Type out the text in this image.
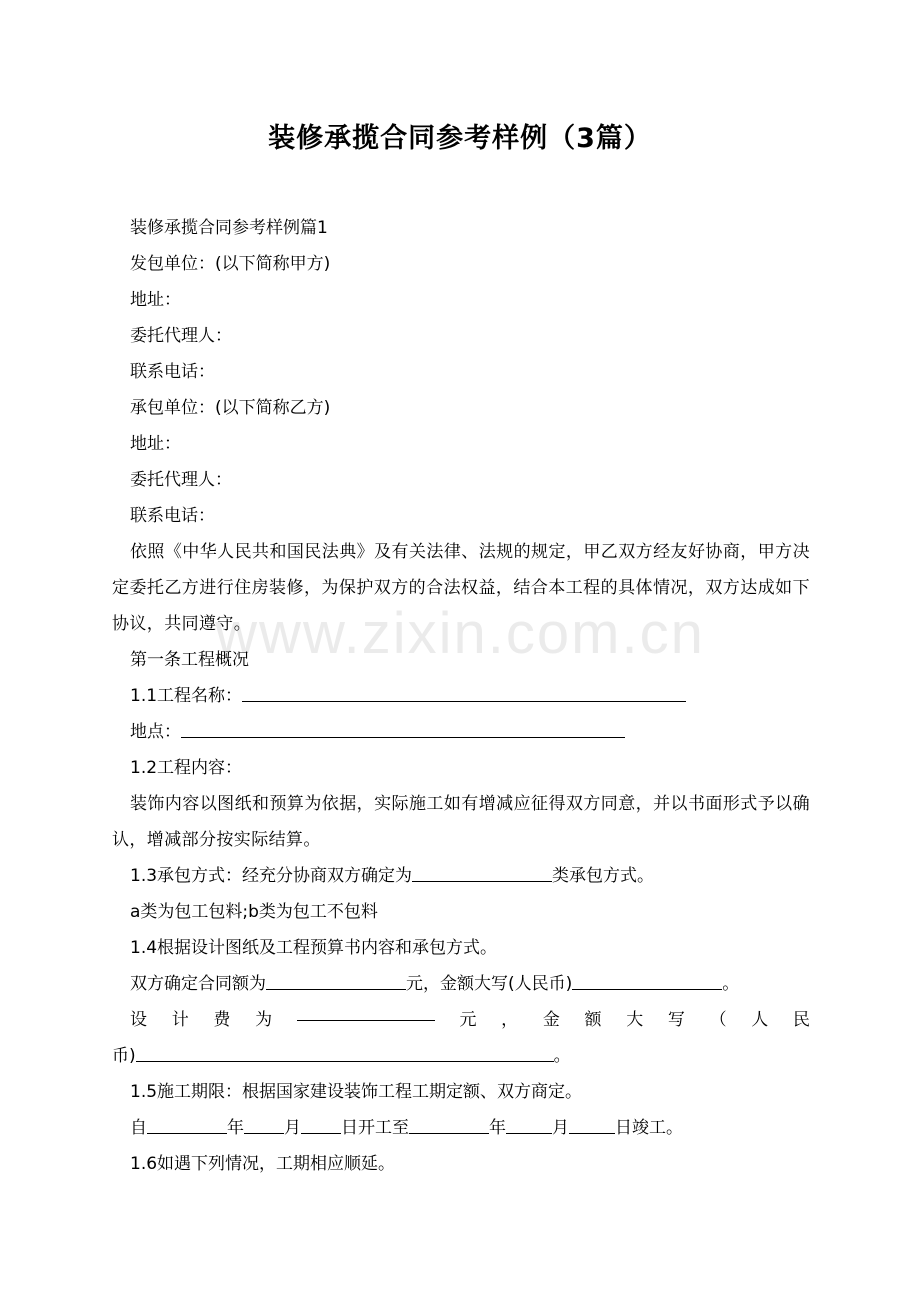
装修承揽合同参考样例（3篇）
www.zixin.com.cn

装修承揽合同参考样例篇1

发包单位：(以下简称甲方)

地址：

委托代理人：

联系电话：

承包单位：(以下简称乙方)

地址：

委托代理人：

联系电话：

依照《中华人民共和国民法典》及有关法律、法规的规定，甲乙双方经友好协商，甲方决定委托乙方进行住房装修，为保护双方的合法权益，结合本工程的具体情况，双方达成如下协议，共同遵守。

第一条工程概况

1.1工程名称：

地点：

1.2工程内容：

装饰内容以图纸和预算为依据，实际施工如有增减应征得双方同意，并以书面形式予以确认，增减部分按实际结算。

1.3承包方式：经充分协商双方确定为	类承包方式。

a类为包工包料;b类为包工不包料

1.4根据设计图纸及工程预算书内容和承包方式。

双方确定合同额为	元，金额大写(人民币)	。

设 计 费 为	元 ， 金 额 大 写 （ 人 民

币)	。

1.5施工期限：根据国家建设装饰工程工期定额、双方商定。

自	年 月 日开工至	年	月	日竣工。

1.6如遇下列情况，工期相应顺延。
